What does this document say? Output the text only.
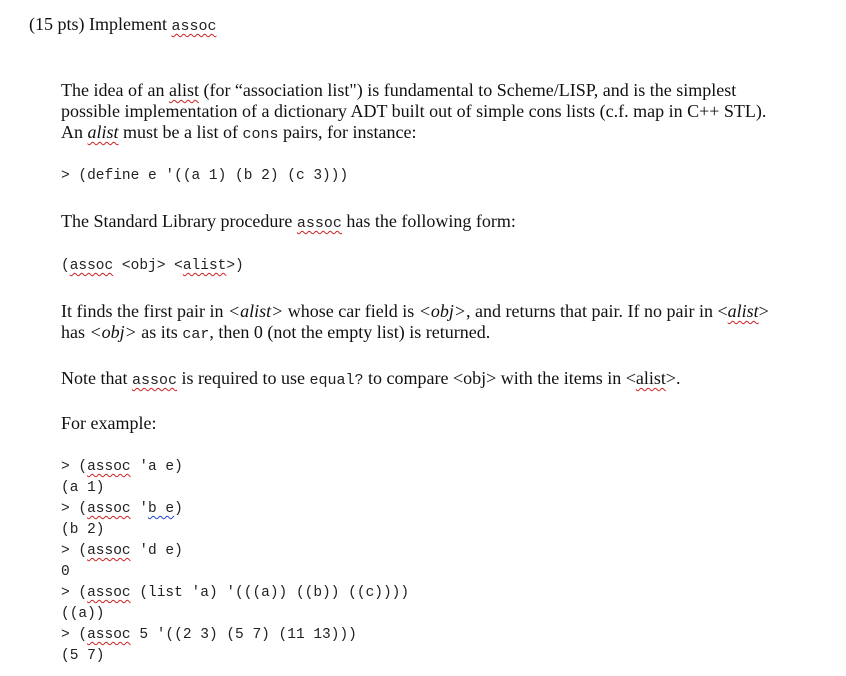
(15 pts) Implement assoc
The idea of an alist (for “association list") is fundamental to Scheme/LISP, and is the simplest possible implementation of a dictionary ADT built out of simple cons lists (c.f. map in C++ STL). An alist must be a list of cons pairs, for instance:
> (define e '((a 1) (b 2) (c 3)))
The Standard Library procedure assoc has the following form:
(assoc <obj> <alist>)
It finds the first pair in <alist> whose car field is <obj>, and returns that pair. If no pair in <alist> has <obj> as its car, then 0 (not the empty list) is returned.
Note that assoc is required to use equal? to compare <obj> with the items in <alist>.
For example:
> (assoc 'a e)
(a 1)
> (assoc 'b e)
(b 2)
> (assoc 'd e)
0
> (assoc (list 'a) '(((a)) ((b)) ((c))))
((a))
> (assoc 5 '((2 3) (5 7) (11 13)))
(5 7)
